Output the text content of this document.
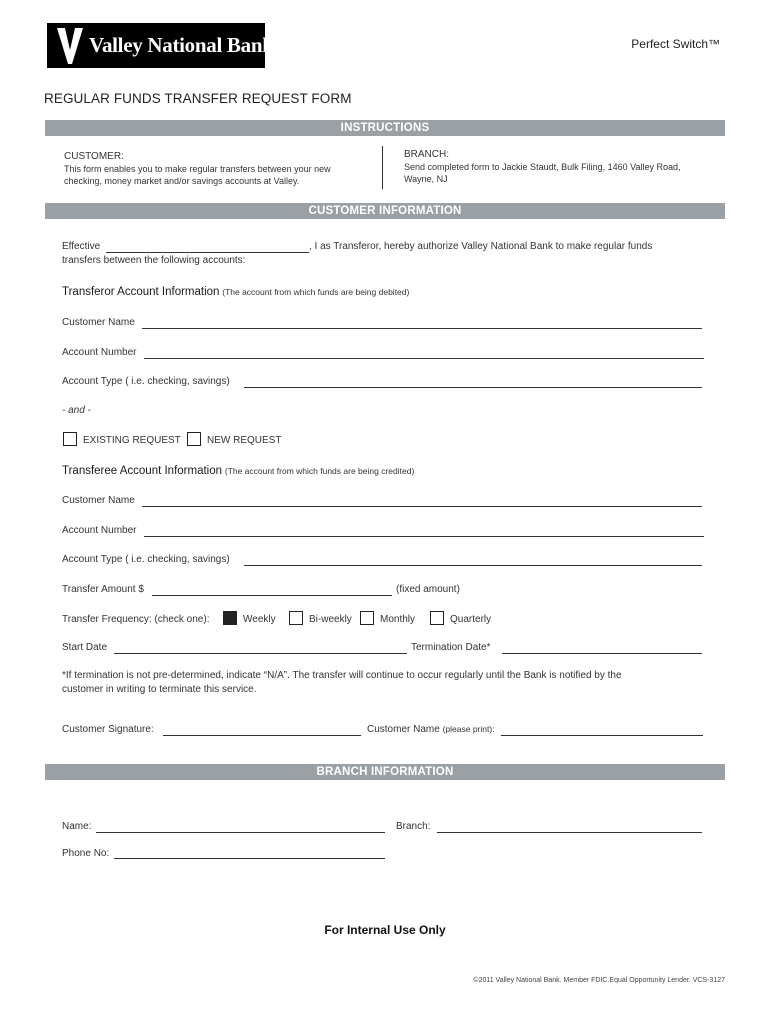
Valley National Bank	Perfect Switch™
REGULAR FUNDS TRANSFER REQUEST FORM
INSTRUCTIONS
CUSTOMER:
This form enables you to make regular transfers between your new
checking, money market and/or savings accounts at Valley.
BRANCH:
Send completed form to Jackie Staudt, Bulk Filing, 1460 Valley Road,
Wayne, NJ
CUSTOMER INFORMATION
Effective	, I as Transferor, hereby authorize Valley National Bank to make regular funds
transfers between the following accounts:
Transferor Account Information (The account from which funds are being debited)
Customer Name
Account Number
Account Type ( i.e. checking, savings)
- and -
EXISTING REQUEST	NEW REQUEST
Transferee Account Information (The account from which funds are being credited)
Customer Name
Account Number
Account Type ( i.e. checking, savings)
Transfer Amount $	(fixed amount)
Transfer Frequency: (check one):	Weekly	Bi-weekly	Monthly	Quarterly
Start Date	Termination Date*
*If termination is not pre-determined, indicate “N/A”. The transfer will continue to occur regularly until the Bank is notified by the
customer in writing to terminate this service.
Customer Signature:	Customer Name (please print):
BRANCH INFORMATION
Name:	Branch:
Phone No:
For Internal Use Only
©2011 Valley National Bank. Member FDIC.Equal Opportunity Lender. VCS-3127
